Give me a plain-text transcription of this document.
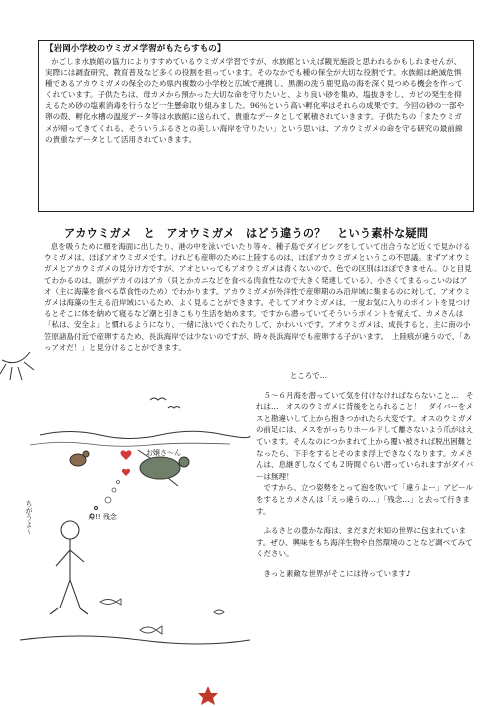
【岩岡小学校のウミガメ学習がもたらすもの】
かごしま水族館の協力によりすすめているウミガメ学習ですが、水族館といえば観光施設と思われるかもしれませんが、実際には調査研究、教育普及など多くの役割を担っています。そのなかでも種の保全が大切な役割です。水族館は絶滅危惧種であるアカウミガメの保全のため県内複数の小学校と広域で連携し、黒潮の洗う鹿児島の海を深く見つめる機会を作ってくれています。子供たちは、母カメから預かった大切な命を守りたいと、より良い砂を集め、塩抜きをし、カビの発生を抑えるため砂の塩素消毒を行うなど一生懸命取り組みました。96％という高い孵化率はそれらの成果です。今回の砂の一部や卵の殻、孵化水槽の温度データ等は水族館に送られて、貴重なデータとして累積されていきます。子供たちの「またウミガメが帰ってきてくれる、そういうふるさとの美しい海岸を守りたい」という思いは、アカウミガメの命を守る研究の最前線の貴重なデータとして活用されていきます。
アカウミガメ　と　アオウミガメ　はどう違うの？　という素朴な疑問
息を吸うために顔を海面に出したり、港の中を泳いでいたり等々、種子島でダイビングをしていて出合うなど近くで見かけるウミガメは、ほぼアオウミガメです。けれども産卵のために上陸するのは、ほぼアカウミガメというこの不思議。まずアオウミガメとアカウミガメの見分け方ですが、アオといってもアオウミガメは青くないので、色での区別はほぼできません。ひと目見てわかるのは、頭がデカイのはアカ（貝とかカニなどを食べる肉食性なので大きく発達している）、小さくてまるっこいのはアオ（主に海藻を食べる草食性のため）でわかります。アカウミガメが外洋性で産卵期のみ沿岸域に集まるのに対して、アオウミガメは海藻の生える沿岸域にいるため、よく見ることができます。そしてアオウミガメは、一度お気に入りのポイントを見つけるとそこに体を納めて寝るなど潮と引きこもり生活を始めます。ですから潜っていてそういうポイントを覚えて、カメさんは「私は、安全よ」と慣れるようになり、一緒に泳いでくれたりして、かわいいです。アオウミガメは、成長すると、主に南の小笠原諸島付近で産卵するため、長浜海岸では少ないのですが、時々長浜海岸でも産卵する子がいます。　上陸痕が違うので、「あっアオだ！」と見分けることができます。
お嬢さ〜ん
ちがうよ〜	ん!! 残念

ところで…

５～６月海を潜っていて気を付けなければならないこと…　それは…　オスのウミガメに背後をとられること！　ダイバーをメスと勘違いして上から抱きつかれたら大変です。オスのウミガメの前足には、メスをがっちりホールドして離さないよう爪がはえています。そんなのにつかまれて上から覆い被されば脱出困難となったら、下手をするとそのまま浮上できなくなります。カメさんは、息継ぎしなくても２時間ぐらい潜っていられますがダイバーは無理！

ですから、立つ姿勢をとって泡を吹いて「違うよー」アピールをするとカメさんは「えっ違うの…」「残念…」と去って行きます。

ふるさとの豊かな海は、まだまだ未知の世界に包まれています。ぜひ、興味をもち海洋生物や自然環境のことなど調べてみてください。

きっと素敵な世界がそこには待っています♪
